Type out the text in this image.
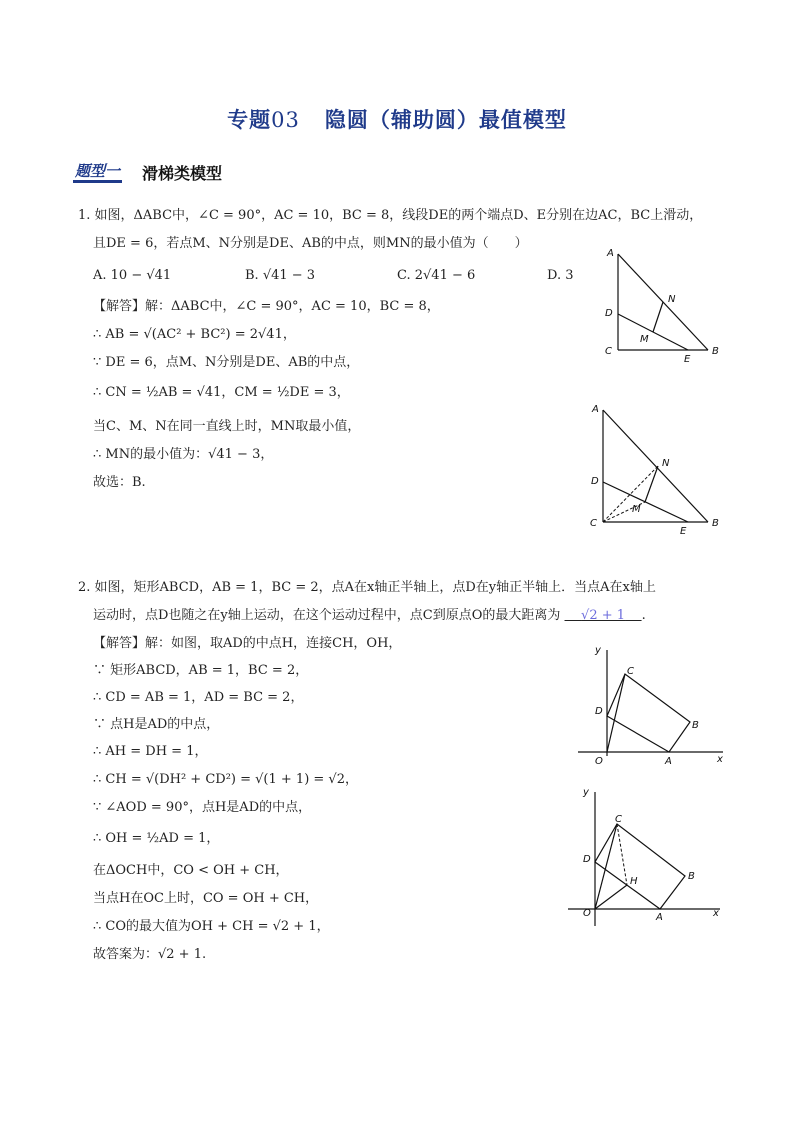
专题03 隐圆（辅助圆）最值模型
题型一 滑梯类模型
1. 如图，ΔABC中，∠C = 90°，AC = 10，BC = 8，线段DE的两个端点D、E分别在边AC，BC上滑动，
且DE = 6，若点M、N分别是DE、AB的中点，则MN的最小值为（　　）
A. 10 − √41	B. √41 − 3	C. 2√41 − 6	D. 3
【解答】解：ΔABC中，∠C = 90°，AC = 10，BC = 8，
∴ AB = √(AC² + BC²) = 2√41，
∵ DE = 6，点M、N分别是DE、AB的中点，
∴ CN = ½AB = √41，CM = ½DE = 3，
当C、M、N在同一直线上时，MN取最小值，
∴ MN的最小值为：√41 − 3，
故选：B.
A
N
D
M
C
E
B
A
N
D
M
C
E
B
2. 如图，矩形ABCD，AB = 1，BC = 2，点A在x轴正半轴上，点D在y轴正半轴上．当点A在x轴上
运动时，点D也随之在y轴上运动，在这个运动过程中，点C到原点O的最大距离为 √2 + 1 .
【解答】解：如图，取AD的中点H，连接CH，OH，
∵ 矩形ABCD，AB = 1，BC = 2，
∴ CD = AB = 1，AD = BC = 2，
∵ 点H是AD的中点，
∴ AH = DH = 1，
∴ CH = √(DH² + CD²) = √(1 + 1) = √2，
∵ ∠AOD = 90°，点H是AD的中点，
∴ OH = ½AD = 1，
在ΔOCH中，CO < OH + CH，
当点H在OC上时，CO = OH + CH，
∴ CO的最大值为OH + CH = √2 + 1，
故答案为：√2 + 1.
y
C
D
B
O	A	x
y
C
D
B
O	A	x
H
